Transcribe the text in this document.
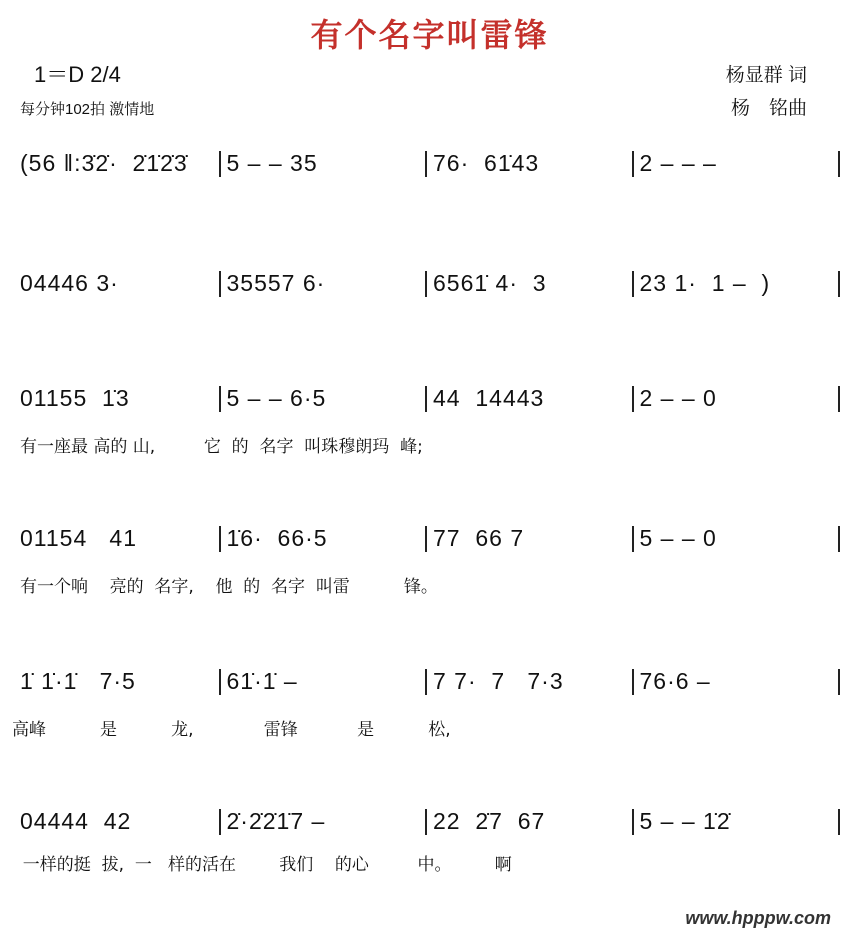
有个名字叫雷锋
1＝D 2/4
每分钟102拍 激情地
杨显群 词
杨　铭曲
(56 ‖:3̇2̇·  2̇1̇2̇3̇	5 – – 35	76·  61̇43	2 – – –
04446 3·	35557 6·	6561̇ 4·  3	23 1·  1 –  )
01155  1̇3	5 – – 6·5	44  14443	2 – – 0
01154   41	1̇6·  66·5	77  66 7	5 – – 0
1̇ 1̇·1̇   7·5	61̇·1̇ –	7 7·  7   7·3	76·6 –
04444  42	2̇·2̇2̇1̇7 –	22  2̇7  67	5 – – 1̇2̇
有一座最 高的 山,         它  的  名字  叫珠穆朗玛  峰;
有一个响    亮的  名字,    他  的  名字  叫雷          锋。
高峰          是          龙,             雷锋           是          松,
一样的挺  拔,  一   样的活在        我们    的心         中。        啊
www.hpppw.com
